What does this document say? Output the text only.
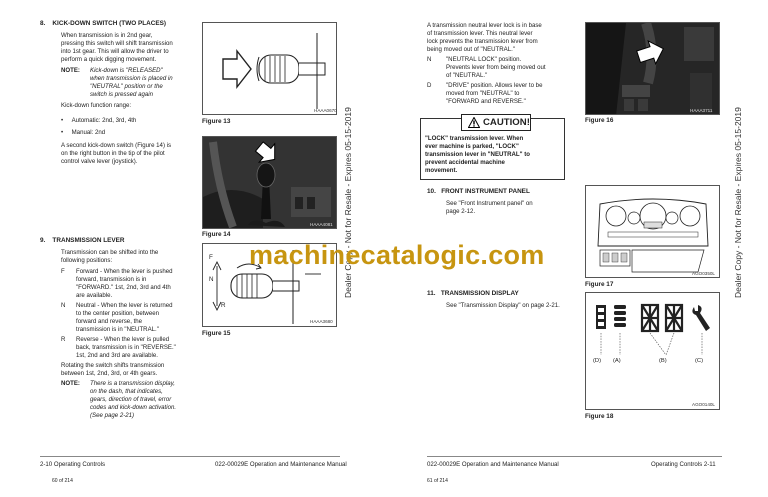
8.    KICK-DOWN SWITCH (TWO PLACES)
When transmission is in 2nd gear,
pressing this switch will shift transmission
into 1st gear. This will allow the driver to
perform a quick digging movement.
NOTE: Kick-down is "RELEASED"
when transmission is placed in
"NEUTRAL" position or the
switch is pressed again
Kick-down function range:
•     Automatic: 2nd, 3rd, 4th
•     Manual: 2nd
A second kick-down switch (Figure 14) is
on the right button in the tip of the pilot
control valve lever (joystick).
9.    TRANSMISSION LEVER
Transmission can be shifted into the
following positions:
F Forward - When the lever is pushed
forward, transmission is in
"FORWARD." 1st, 2nd, 3rd and 4th
are available.
N Neutral - When the lever is returned
to the center position, between
forward and reverse, the
transmission is in "NEUTRAL."
R Reverse - When the lever is pulled
back, transmission is in "REVERSE."
1st, 2nd and 3rd are available.
Rotating the switch shifts transmission
between 1st, 2nd, 3rd, or 4th gears.
NOTE: There is a transmission display,
on the dash, that indicates,
gears, direction of travel, error
codes and kick-down activation.
(See page 2-21)
HAAA0670
Figure 13
HAAA4081
Figure 14
F
N
R
HAAA3680
Figure 15
2-10 Operating Controls	022-00029E Operation and Maintenance Manual
60 of 214
Dealer Copy - Not for Resale - Expires 05-15-2019
machinecatalogic.com
A transmission neutral lever lock is in base
of transmission lever. This neutral lever
lock prevents the transmission lever from
being moved out of "NEUTRAL."
N "NEUTRAL LOCK" position.
Prevents lever from being moved out
of "NEUTRAL."
D "DRIVE" position. Allows lever to be
moved from "NEUTRAL" to
"FORWARD and REVERSE."
CAUTION!
"LOCK" transmission lever. When
ever machine is parked, "LOCK"
transmission lever in "NEUTRAL" to
prevent accidental machine
movement.
10.   FRONT INSTRUMENT PANEL
See "Front Instrument panel" on
page 2-12.
11.   TRANSMISSION DISPLAY
See "Transmission Display" on page 2-21.
HAAA3711
Figure 16
AGO0350L
Figure 17
(D) (A)	(B)	(C)
AGO0140L
Figure 18
022-00029E Operation and Maintenance Manual	Operating Controls 2-11
61 of 214
Dealer Copy - Not for Resale - Expires 05-15-2019
